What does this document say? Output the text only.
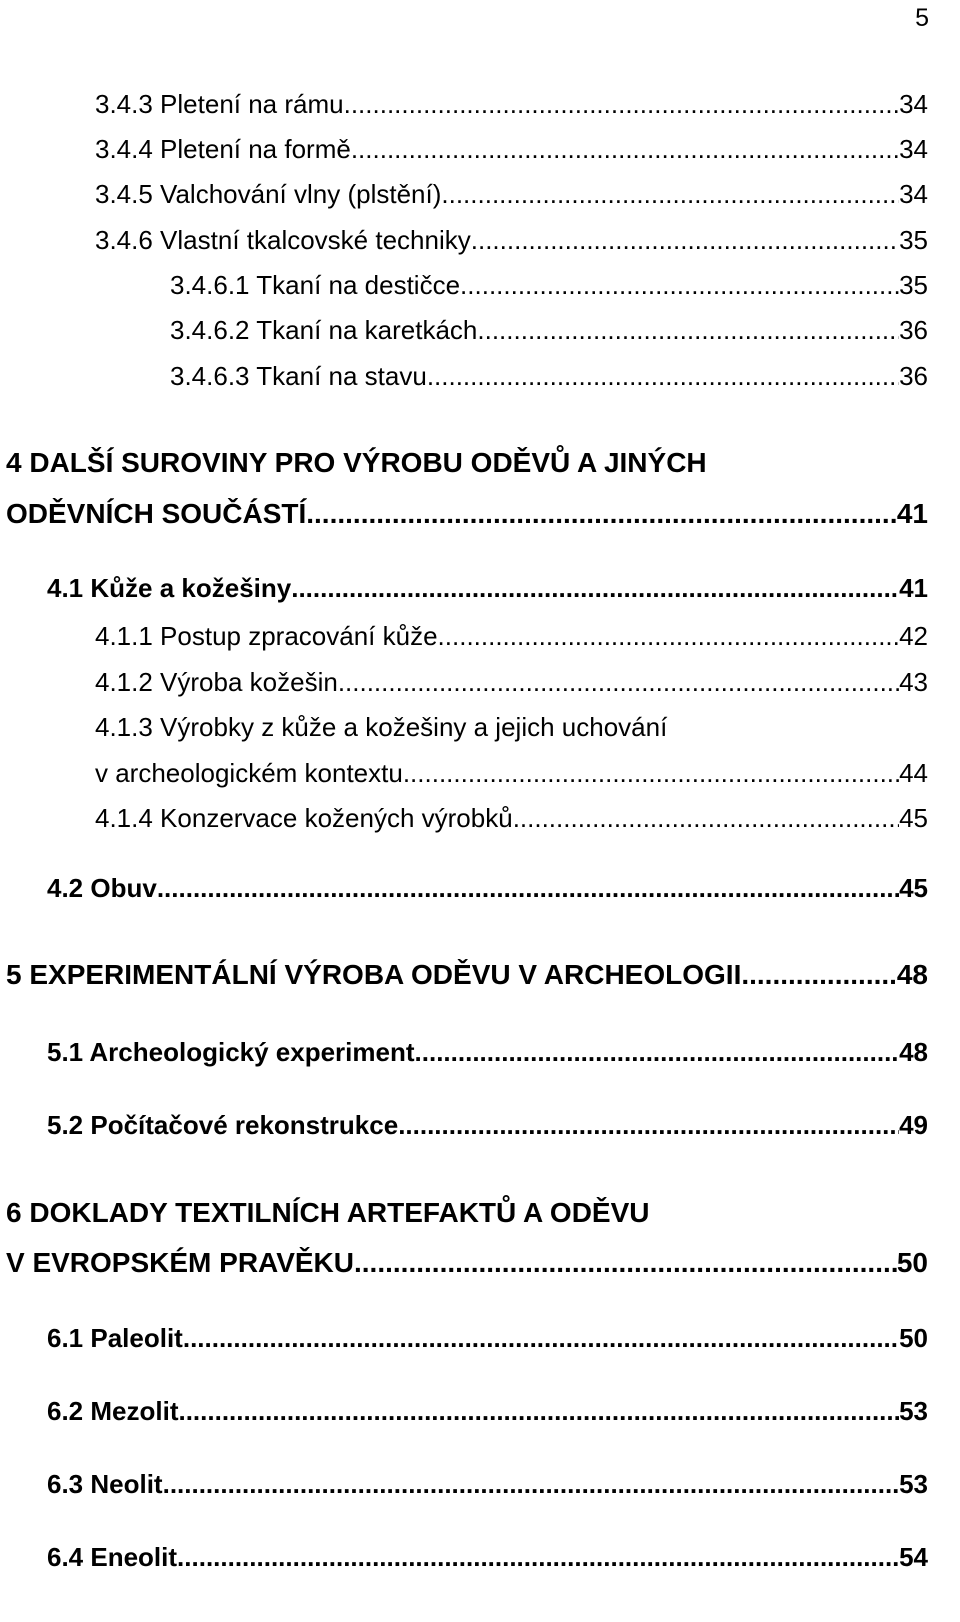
5
3.4.3 Pletení na rámu .....	34
3.4.4 Pletení na formě .....	34
3.4.5 Valchování vlny (plstění) .....	34
3.4.6 Vlastní tkalcovské techniky .....	35
3.4.6.1 Tkaní na destičce .....	35
3.4.6.2 Tkaní na karetkách .....	36
3.4.6.3 Tkaní na stavu .....	36
4 DALŠÍ SUROVINY PRO VÝROBU ODĚVŮ A JINÝCH
ODĚVNÍCH SOUČÁSTÍ .....	41
4.1 Kůže a kožešiny .....	41
4.1.1 Postup zpracování kůže .....	42
4.1.2 Výroba kožešin .....	43
4.1.3 Výrobky z kůže a kožešiny a jejich uchování
v archeologickém kontextu .....	44
4.1.4 Konzervace kožených výrobků .....	45
4.2 Obuv .....	45
5 EXPERIMENTÁLNÍ VÝROBA ODĚVU V ARCHEOLOGII .....	48
5.1 Archeologický experiment .....	48
5.2 Počítačové rekonstrukce .....	49
6 DOKLADY TEXTILNÍCH ARTEFAKTŮ A ODĚVU
V EVROPSKÉM PRAVĚKU .....	50
6.1 Paleolit .....	50
6.2 Mezolit .....	53
6.3 Neolit .....	53
6.4 Eneolit .....	54
